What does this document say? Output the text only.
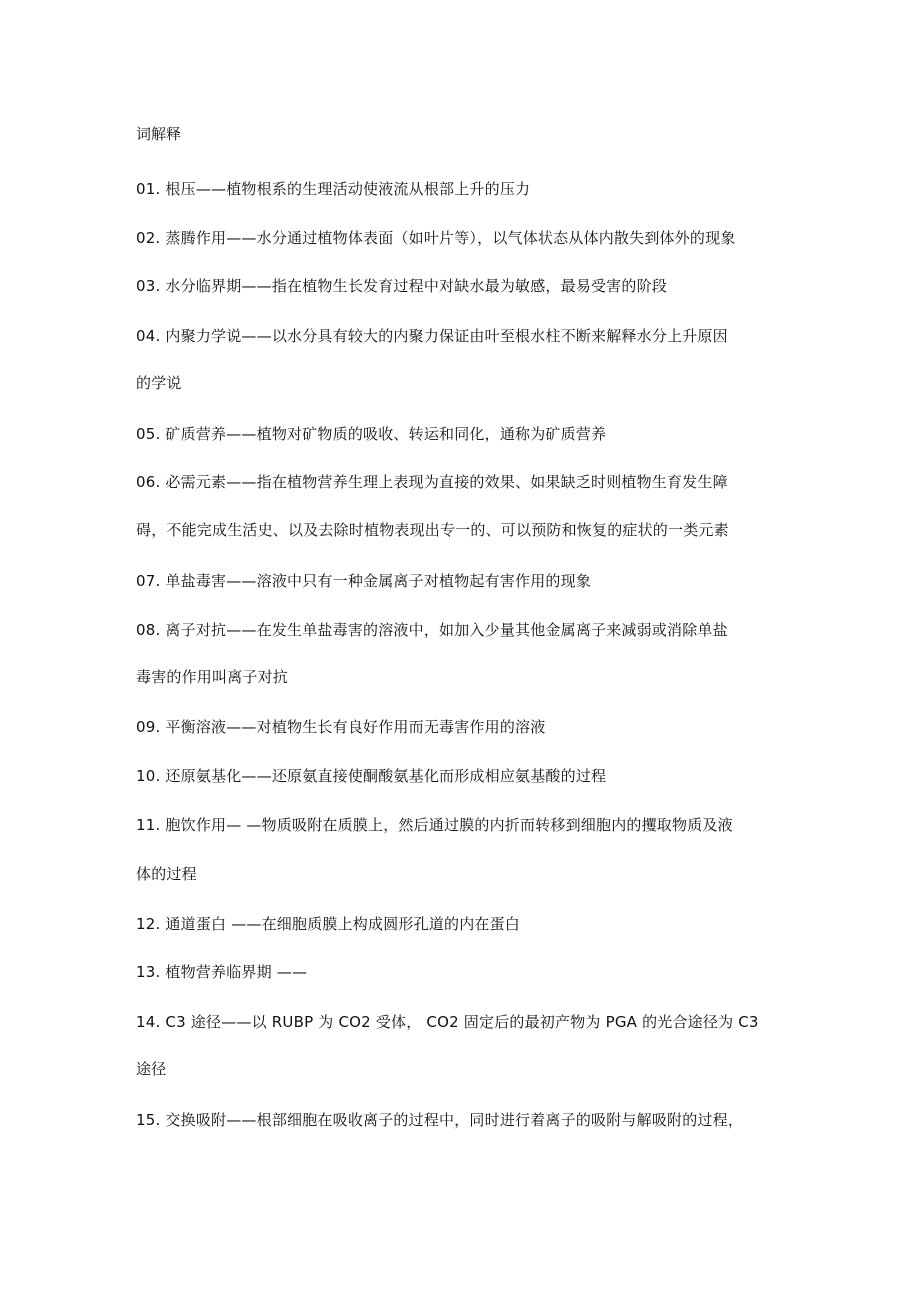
词解释
01. 根压——植物根系的生理活动使液流从根部上升的压力
02. 蒸腾作用——水分通过植物体表面（如叶片等），以气体状态从体内散失到体外的现象
03. 水分临界期——指在植物生长发育过程中对缺水最为敏感，最易受害的阶段
04. 内聚力学说——以水分具有较大的内聚力保证由叶至根水柱不断来解释水分上升原因
的学说
05. 矿质营养——植物对矿物质的吸收、转运和同化，通称为矿质营养
06. 必需元素——指在植物营养生理上表现为直接的效果、如果缺乏时则植物生育发生障
碍，不能完成生活史、以及去除时植物表现出专一的、可以预防和恢复的症状的一类元素
07. 单盐毒害——溶液中只有一种金属离子对植物起有害作用的现象
08. 离子对抗——在发生单盐毒害的溶液中，如加入少量其他金属离子来减弱或消除单盐
毒害的作用叫离子对抗
09. 平衡溶液——对植物生长有良好作用而无毒害作用的溶液
10. 还原氨基化——还原氨直接使酮酸氨基化而形成相应氨基酸的过程
11. 胞饮作用— —物质吸附在质膜上，然后通过膜的内折而转移到细胞内的攫取物质及液
体的过程
12. 通道蛋白 ——在细胞质膜上构成圆形孔道的内在蛋白
13. 植物营养临界期 ——
14. C3 途径——以 RUBP 为 CO2 受体， CO2 固定后的最初产物为 PGA 的光合途径为 C3
途径
15. 交换吸附——根部细胞在吸收离子的过程中，同时进行着离子的吸附与解吸附的过程，
